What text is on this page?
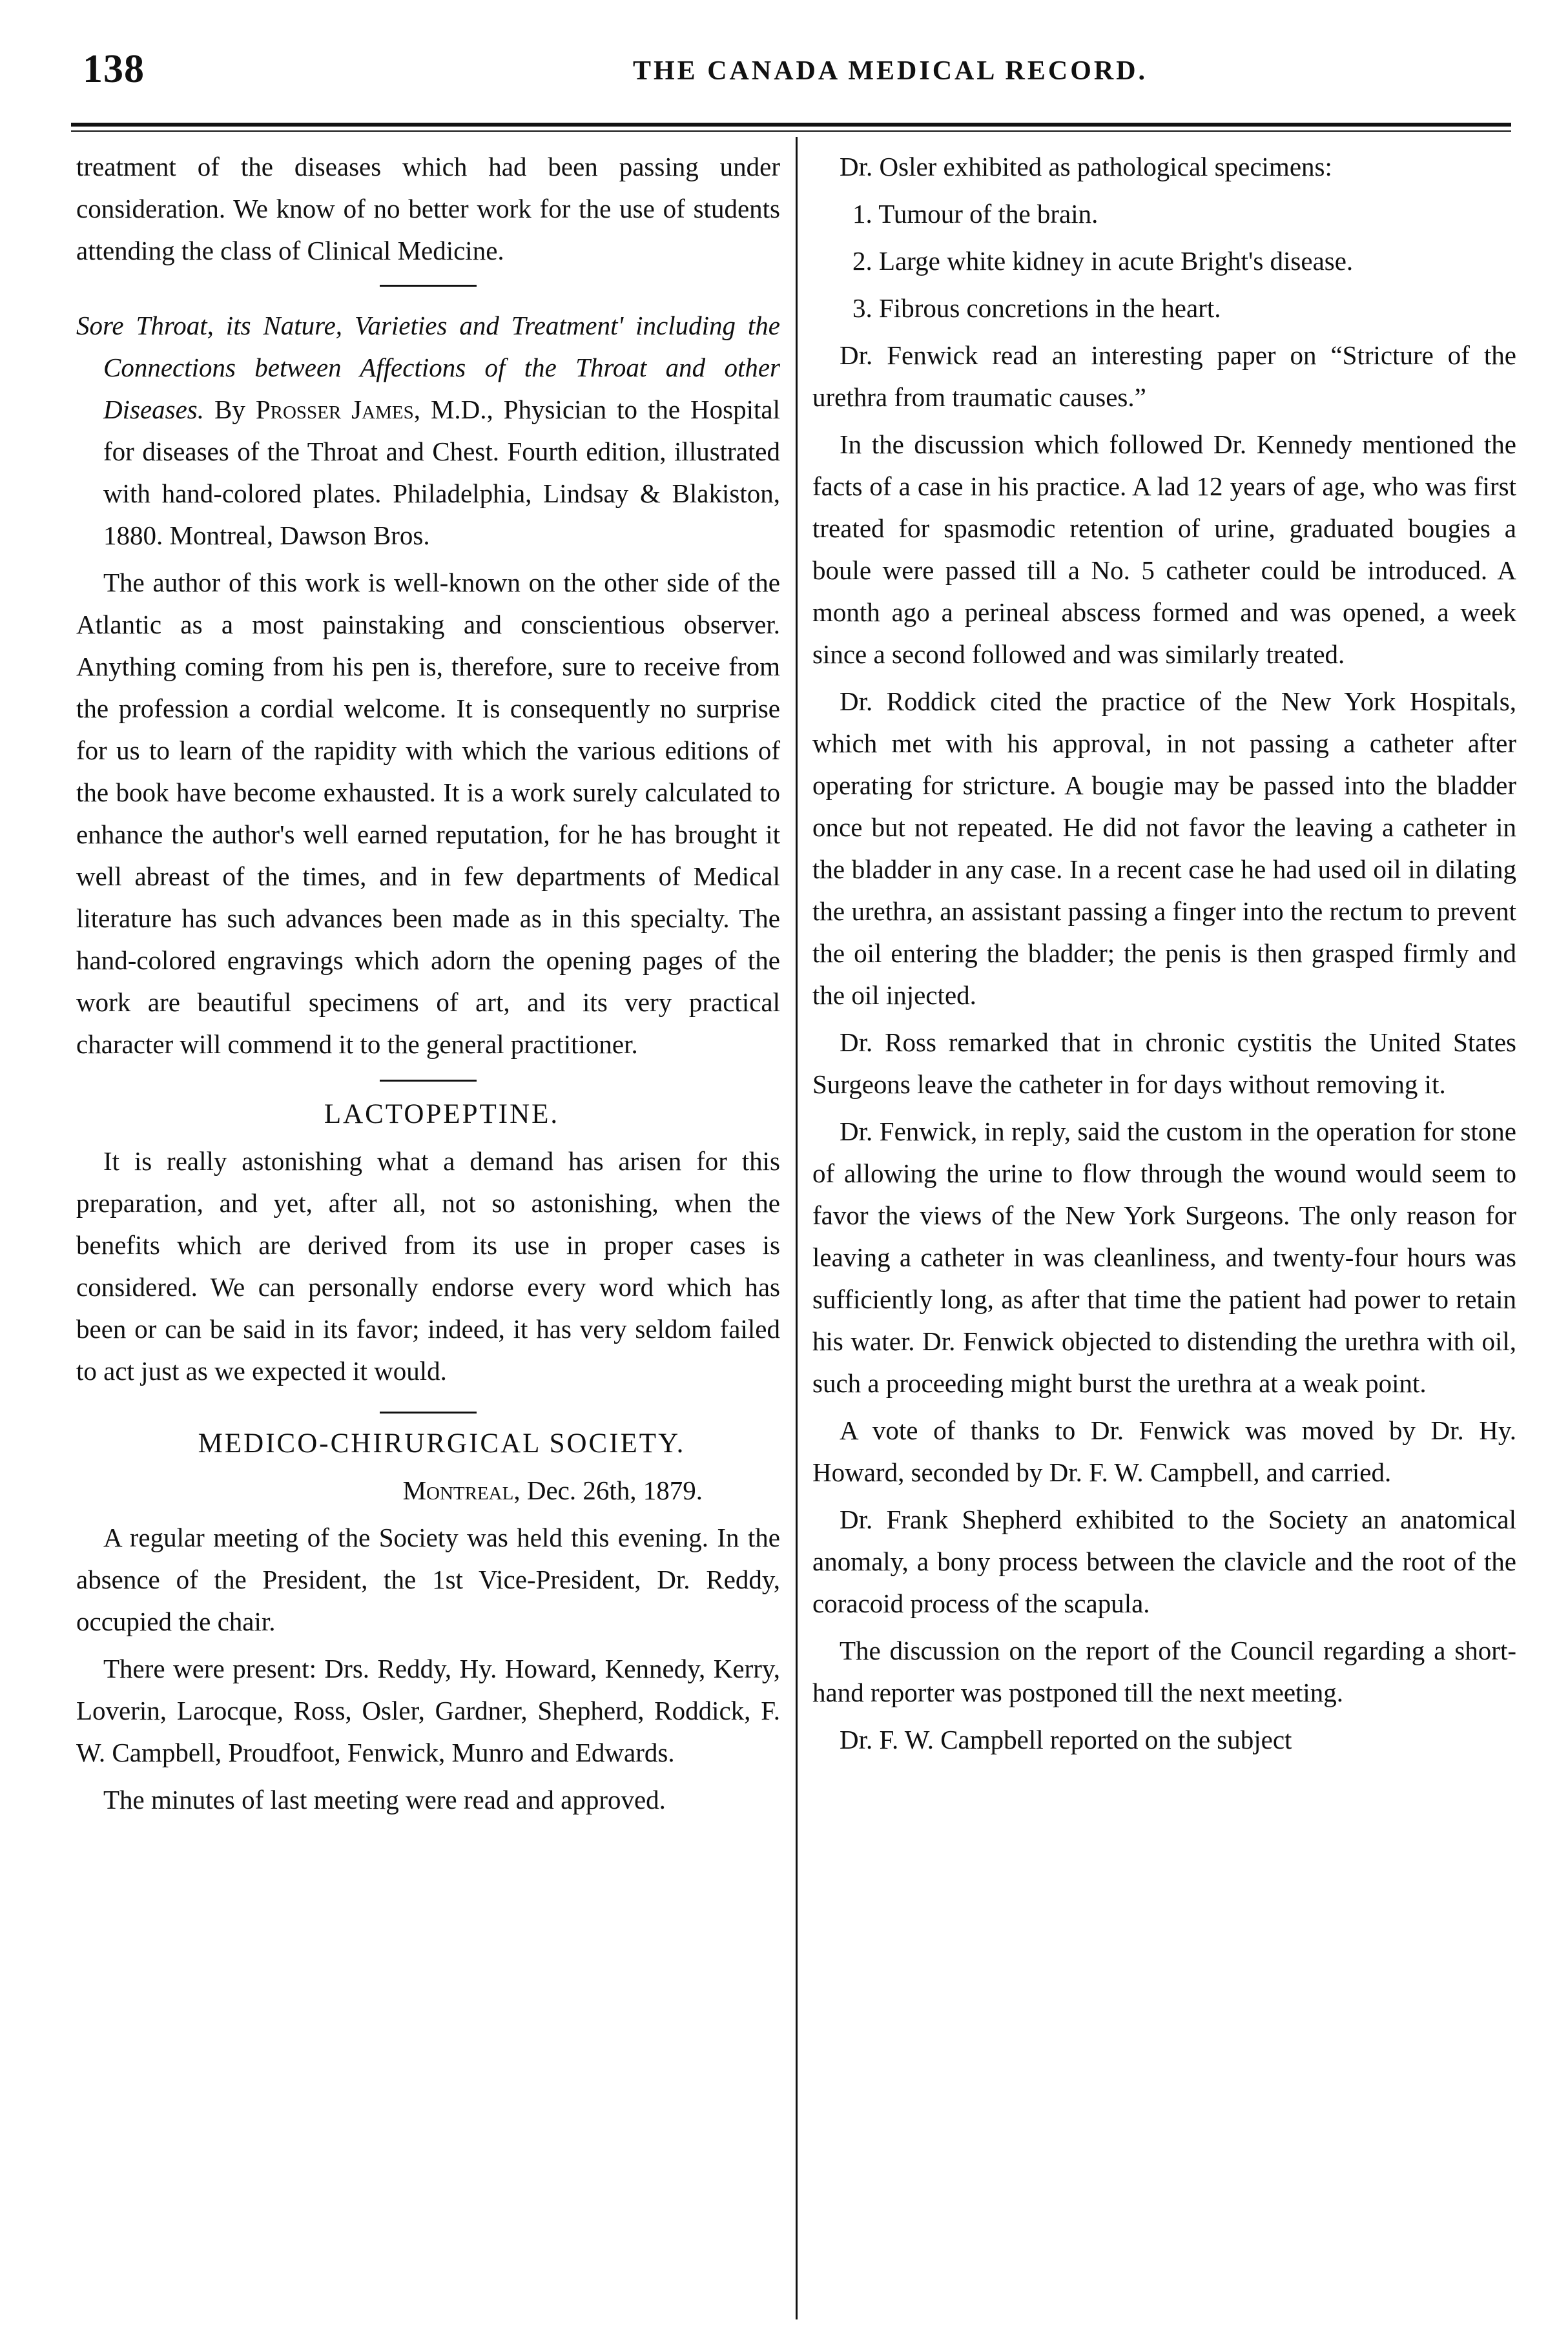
138	THE CANADA MEDICAL RECORD.

treatment of the diseases which had been passing under consideration. We know of no better work for the use of students attending the class of Clinical Medicine.

Sore Throat, its Nature, Varieties and Treatment' including the Connections between Affections of the Throat and other Diseases. By Prosser James, M.D., Physician to the Hospital for diseases of the Throat and Chest. Fourth edition, illustrated with hand-colored plates. Philadelphia, Lindsay & Blakiston, 1880. Montreal, Dawson Bros.

The author of this work is well-known on the other side of the Atlantic as a most painstaking and conscientious observer. Anything coming from his pen is, therefore, sure to receive from the profession a cordial welcome. It is consequently no surprise for us to learn of the rapidity with which the various editions of the book have become exhausted. It is a work surely calculated to enhance the author's well earned reputation, for he has brought it well abreast of the times, and in few departments of Medical literature has such advances been made as in this specialty. The hand-colored engravings which adorn the opening pages of the work are beautiful specimens of art, and its very practical character will commend it to the general practitioner.

LACTOPEPTINE.

It is really astonishing what a demand has arisen for this preparation, and yet, after all, not so astonishing, when the benefits which are derived from its use in proper cases is considered. We can personally endorse every word which has been or can be said in its favor; indeed, it has very seldom failed to act just as we expected it would.

MEDICO-CHIRURGICAL SOCIETY.

Montreal, Dec. 26th, 1879.

A regular meeting of the Society was held this evening. In the absence of the President, the 1st Vice-President, Dr. Reddy, occupied the chair.

There were present: Drs. Reddy, Hy. Howard, Kennedy, Kerry, Loverin, Larocque, Ross, Osler, Gardner, Shepherd, Roddick, F. W. Campbell, Proudfoot, Fenwick, Munro and Edwards.

The minutes of last meeting were read and approved.

Dr. Osler exhibited as pathological specimens:

1. Tumour of the brain.

2. Large white kidney in acute Bright's disease.

3. Fibrous concretions in the heart.

Dr. Fenwick read an interesting paper on “Stricture of the urethra from traumatic causes.”

In the discussion which followed Dr. Kennedy mentioned the facts of a case in his practice. A lad 12 years of age, who was first treated for spasmodic retention of urine, graduated bougies a boule were passed till a No. 5 catheter could be introduced. A month ago a perineal abscess formed and was opened, a week since a second followed and was similarly treated.

Dr. Roddick cited the practice of the New York Hospitals, which met with his approval, in not passing a catheter after operating for stricture. A bougie may be passed into the bladder once but not repeated. He did not favor the leaving a catheter in the bladder in any case. In a recent case he had used oil in dilating the urethra, an assistant passing a finger into the rectum to prevent the oil entering the bladder; the penis is then grasped firmly and the oil injected.

Dr. Ross remarked that in chronic cystitis the United States Surgeons leave the catheter in for days without removing it.

Dr. Fenwick, in reply, said the custom in the operation for stone of allowing the urine to flow through the wound would seem to favor the views of the New York Surgeons. The only reason for leaving a catheter in was cleanliness, and twenty-four hours was sufficiently long, as after that time the patient had power to retain his water. Dr. Fenwick objected to distending the urethra with oil, such a proceeding might burst the urethra at a weak point.

A vote of thanks to Dr. Fenwick was moved by Dr. Hy. Howard, seconded by Dr. F. W. Campbell, and carried.

Dr. Frank Shepherd exhibited to the Society an anatomical anomaly, a bony process between the clavicle and the root of the coracoid process of the scapula.

The discussion on the report of the Council regarding a short-hand reporter was postponed till the next meeting.

Dr. F. W. Campbell reported on the subject
